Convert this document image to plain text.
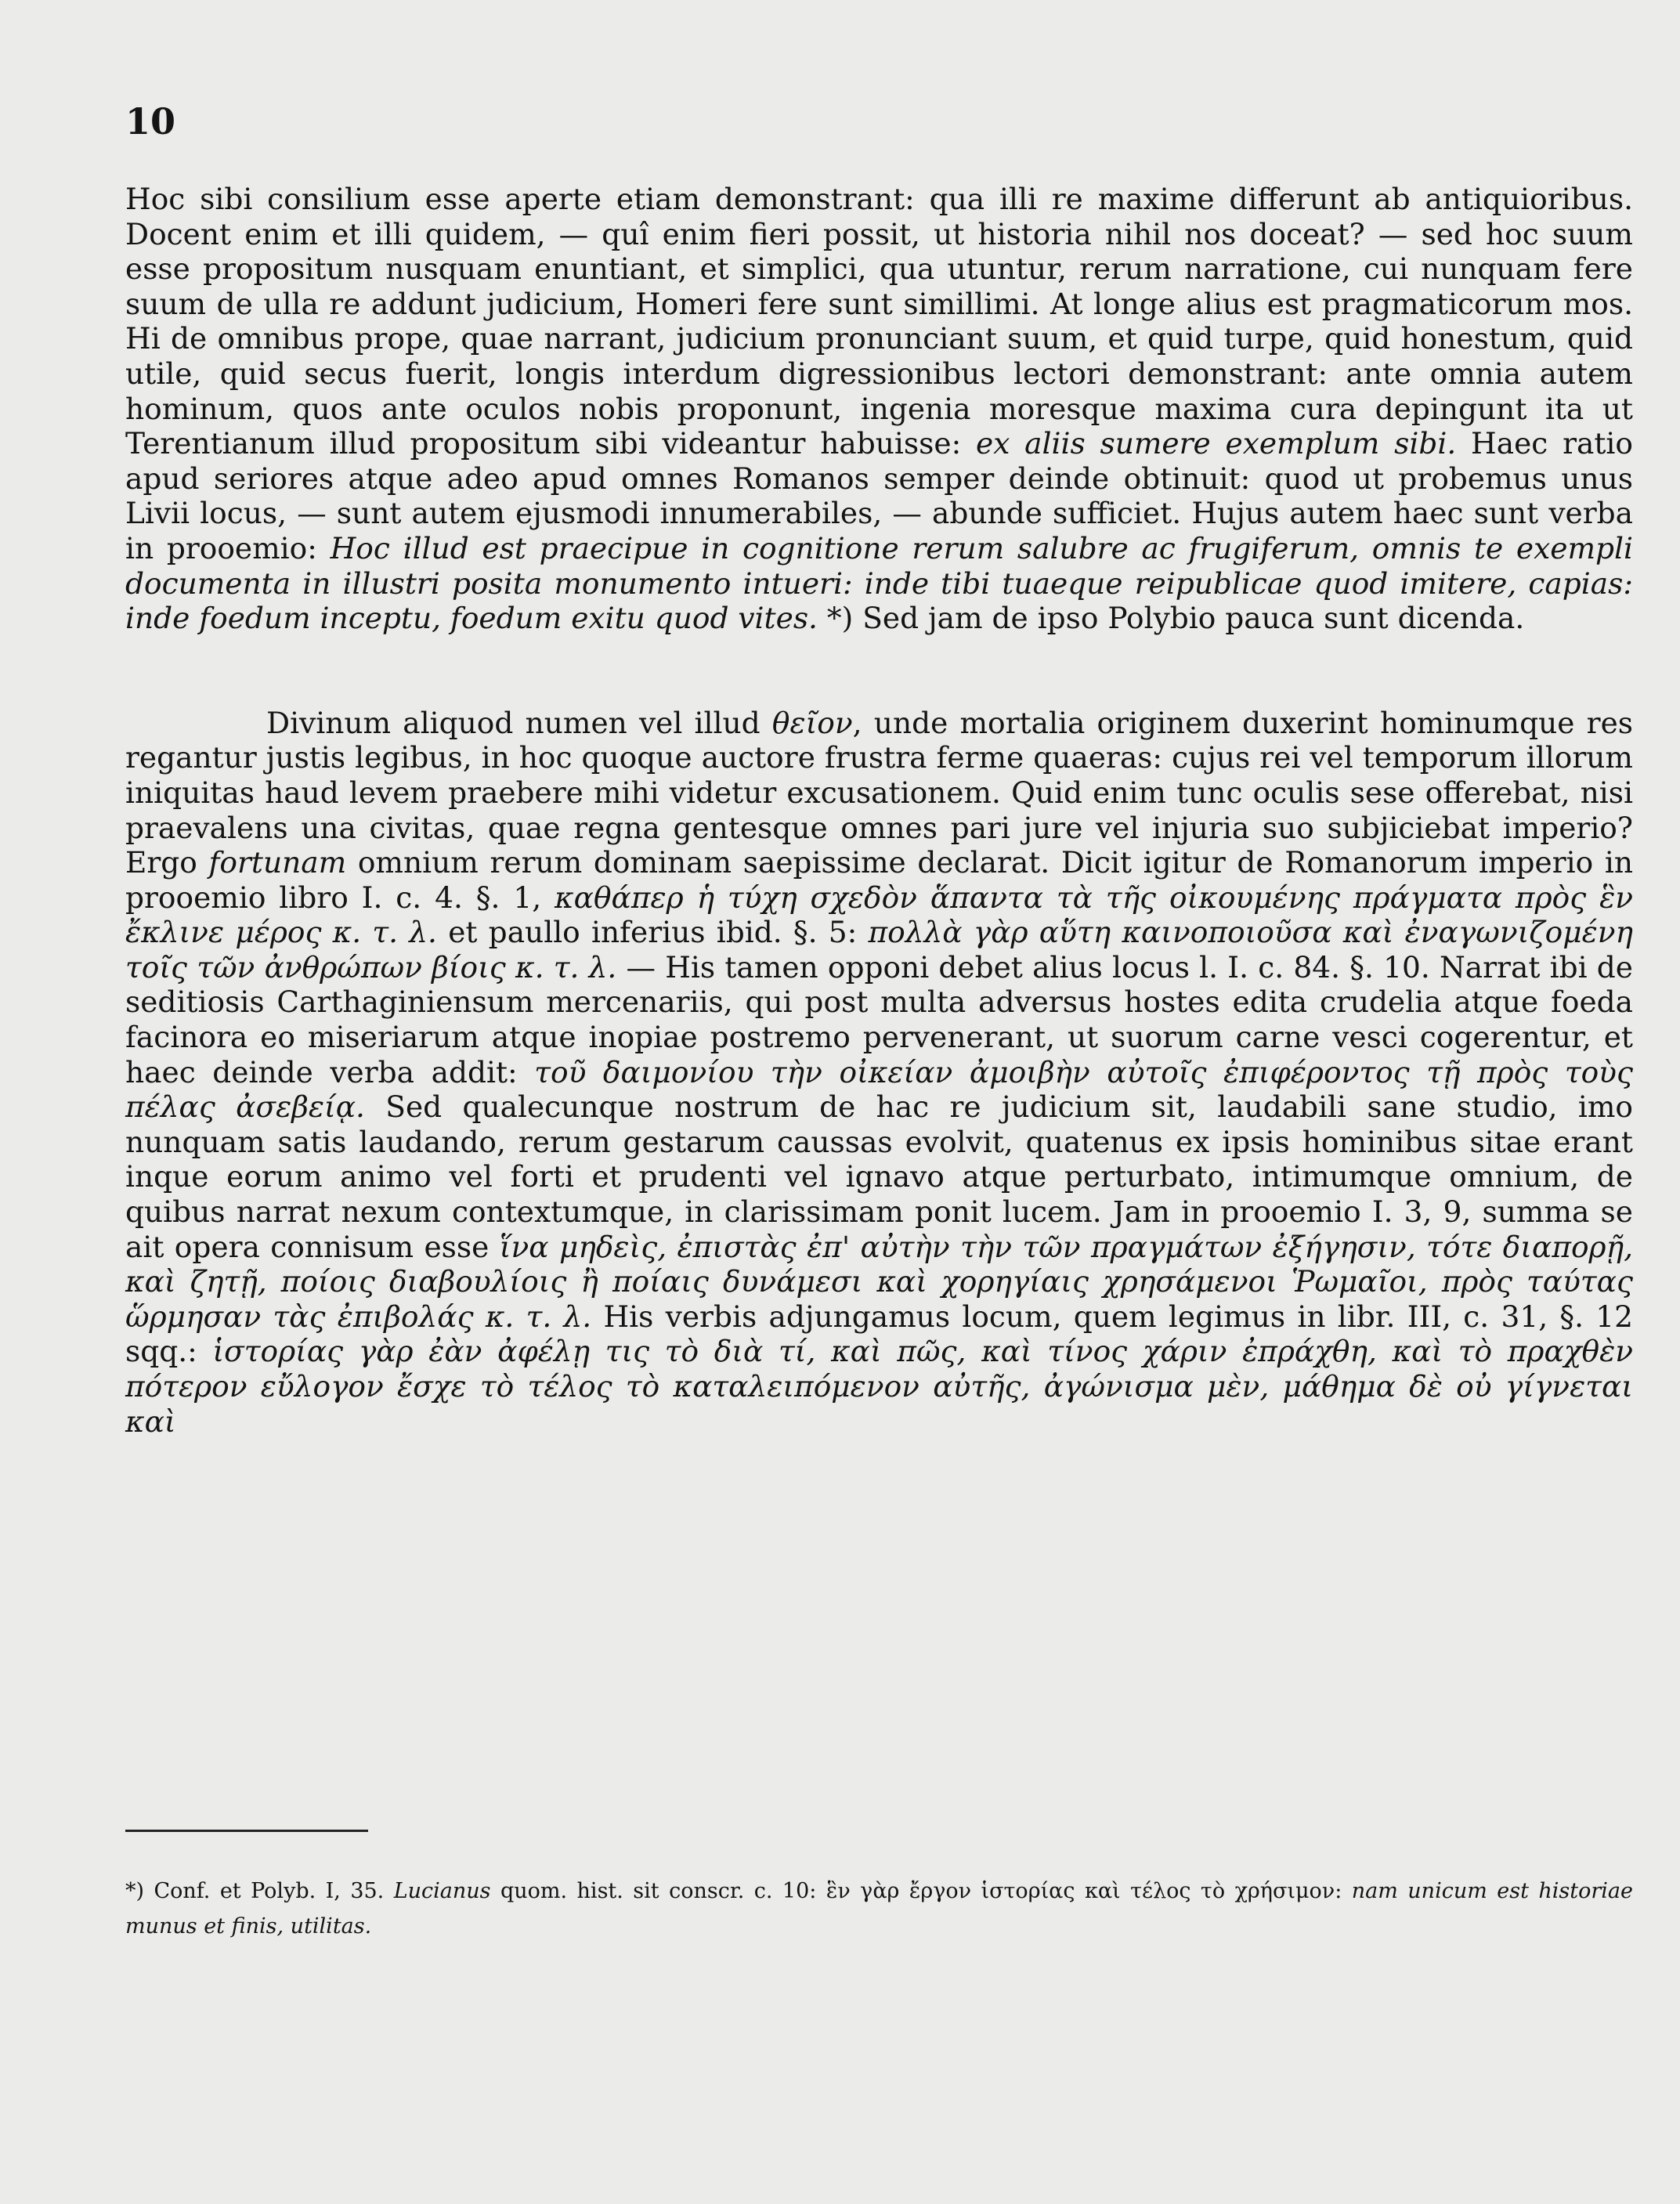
10

Hoc sibi consilium esse aperte etiam demonstrant: qua illi re maxime differunt ab antiquioribus. Docent enim et illi quidem, — quî enim fieri possit, ut historia nihil nos doceat? — sed hoc suum esse propositum nusquam enuntiant, et simplici, qua utuntur, rerum narratione, cui nunquam fere suum de ulla re addunt judicium, Homeri fere sunt simillimi. At longe alius est pragmaticorum mos. Hi de omnibus prope, quae narrant, judicium pronunciant suum, et quid turpe, quid honestum, quid utile, quid secus fuerit, longis interdum digressionibus lectori demonstrant: ante omnia autem hominum, quos ante oculos nobis proponunt, ingenia moresque maxima cura depingunt ita ut Terentianum illud propositum sibi videantur habuisse: ex aliis sumere exemplum sibi. Haec ratio apud seriores atque adeo apud omnes Romanos semper deinde obtinuit: quod ut probemus unus Livii locus, — sunt autem ejusmodi innumerabiles, — abunde sufficiet. Hujus autem haec sunt verba in prooemio: Hoc illud est praecipue in cognitione rerum salubre ac frugiferum, omnis te exempli documenta in illustri posita monumento intueri: inde tibi tuaeque reipublicae quod imitere, capias: inde foedum inceptu, foedum exitu quod vites. *) Sed jam de ipso Polybio pauca sunt dicenda.

Divinum aliquod numen vel illud θεῖον, unde mortalia originem duxerint hominumque res regantur justis legibus, in hoc quoque auctore frustra ferme quaeras: cujus rei vel temporum illorum iniquitas haud levem praebere mihi videtur excusationem. Quid enim tunc oculis sese offerebat, nisi praevalens una civitas, quae regna gentesque omnes pari jure vel injuria suo subjiciebat imperio? Ergo fortunam omnium rerum dominam saepissime declarat. Dicit igitur de Romanorum imperio in prooemio libro I. c. 4. §. 1, καθάπερ ἡ τύχη σχεδὸν ἅπαντα τὰ τῆς οἰκουμένης πράγματα πρὸς ἓν ἔκλινε μέρος κ. τ. λ. et paullo inferius ibid. §. 5: πολλὰ γὰρ αὕτη καινοποιοῦσα καὶ ἐναγωνιζομένη τοῖς τῶν ἀνθρώπων βίοις κ. τ. λ. — His tamen opponi debet alius locus l. I. c. 84. §. 10. Narrat ibi de seditiosis Carthaginiensum mercenariis, qui post multa adversus hostes edita crudelia atque foeda facinora eo miseriarum atque inopiae postremo pervenerant, ut suorum carne vesci cogerentur, et haec deinde verba addit: τοῦ δαιμονίου τὴν οἰκείαν ἀμοιβὴν αὐτοῖς ἐπιφέροντος τῇ πρὸς τοὺς πέλας ἀσεβείᾳ. Sed qualecunque nostrum de hac re judicium sit, laudabili sane studio, imo nunquam satis laudando, rerum gestarum caussas evolvit, quatenus ex ipsis hominibus sitae erant inque eorum animo vel forti et prudenti vel ignavo atque perturbato, intimumque omnium, de quibus narrat nexum contextumque, in clarissimam ponit lucem. Jam in prooemio I. 3, 9, summa se ait opera connisum esse ἵνα μηδεὶς, ἐπιστὰς ἐπ' αὐτὴν τὴν τῶν πραγμάτων ἐξήγησιν, τότε διαπορῇ, καὶ ζητῇ, ποίοις διαβουλίοις ἢ ποίαις δυνάμεσι καὶ χορηγίαις χρησάμενοι Ῥωμαῖοι, πρὸς ταύτας ὥρμησαν τὰς ἐπιβολάς κ. τ. λ. His verbis adjungamus locum, quem legimus in libr. III, c. 31, §. 12 sqq.: ἱστορίας γὰρ ἐὰν ἀφέλῃ τις τὸ διὰ τί, καὶ πῶς, καὶ τίνος χάριν ἐπράχθη, καὶ τὸ πραχθὲν πότερον εὔλογον ἔσχε τὸ τέλος τὸ καταλειπόμενον αὐτῆς, ἀγώνισμα μὲν, μάθημα δὲ οὐ γίγνεται καὶ

*) Conf. et Polyb. I, 35. Lucianus quom. hist. sit conscr. c. 10: ἓν γὰρ ἔργον ἱστορίας καὶ τέλος τὸ χρήσιμον: nam unicum est historiae munus et finis, utilitas.
